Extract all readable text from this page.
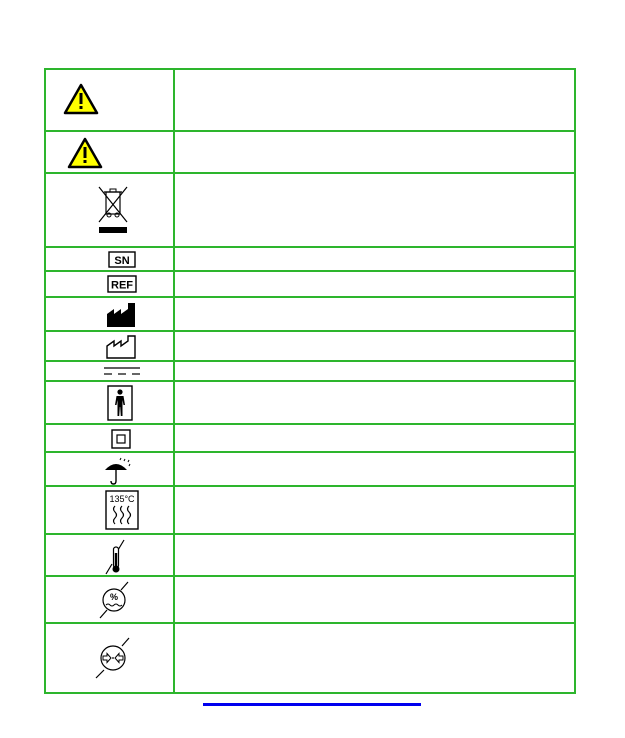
SN
REF
135°C
%
